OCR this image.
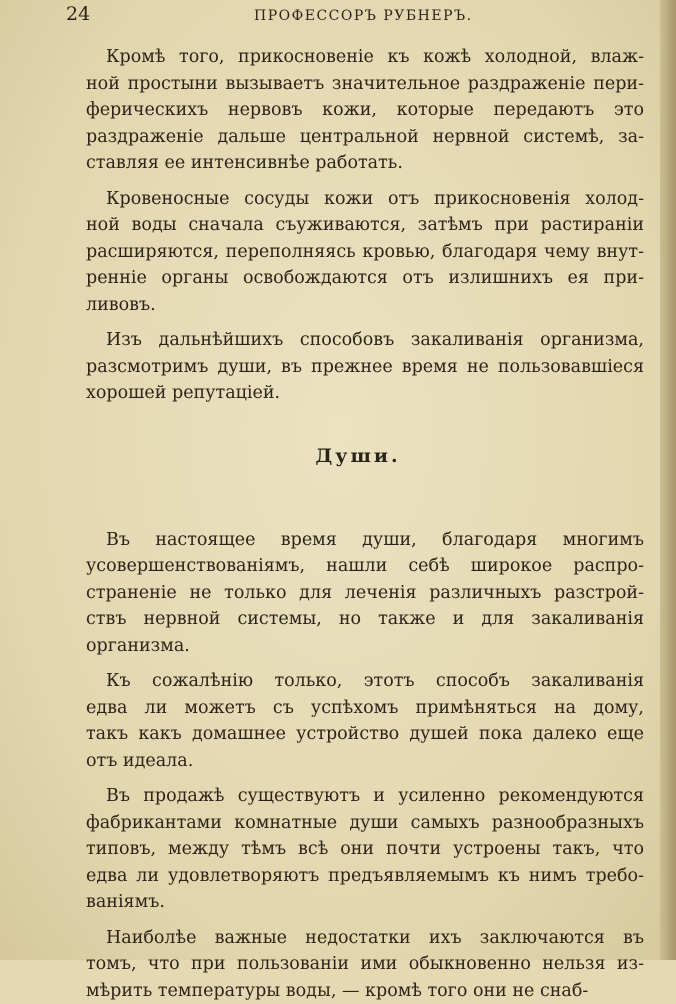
24	ПРОФЕССОРЪ РУБНЕРЪ.
Кромѣ того, прикосновеніе къ кожѣ холодной, влаж-
ной простыни вызываетъ значительное раздраженіе пери-
ферическихъ нервовъ кожи, которые передаютъ это
раздраженіе дальше центральной нервной системѣ, за-
ставляя ее интенсивнѣе работать.
Кровеносные сосуды кожи отъ прикосновенія холод-
ной воды сначала съуживаются, затѣмъ при растираніи
расширяются, переполняясь кровью, благодаря чему внут-
реннiе органы освобождаются отъ излишнихъ ея при-
ливовъ.
Изъ дальнѣйшихъ способовъ закаливанія организма,
разсмотримъ души, въ прежнее время не пользовавшіеся
хорошей репутаціей.
Души.
Въ настоящее время души, благодаря многимъ
усовершенствованіямъ, нашли себѣ широкое распро-
страненіе не только для леченія различныхъ разстрой-
ствъ нервной системы, но также и для закаливанія
организма.
Къ сожалѣнію только, этотъ способъ закаливанія
едва ли можетъ съ успѣхомъ примѣняться на дому,
такъ какъ домашнее устройство душей пока далеко еще
отъ идеала.
Въ продажѣ существуютъ и усиленно рекомендуются
фабрикантами комнатные души самыхъ разнообразныхъ
типовъ, между тѣмъ всѣ они почти устроены такъ, что
едва ли удовлетворяютъ предъявляемымъ къ нимъ требо-
ваніямъ.
Наиболѣе важные недостатки ихъ заключаются въ
томъ, что при пользованіи ими обыкновенно нельзя из-
мѣрить температуры воды, — кромѣ того они не снаб-
